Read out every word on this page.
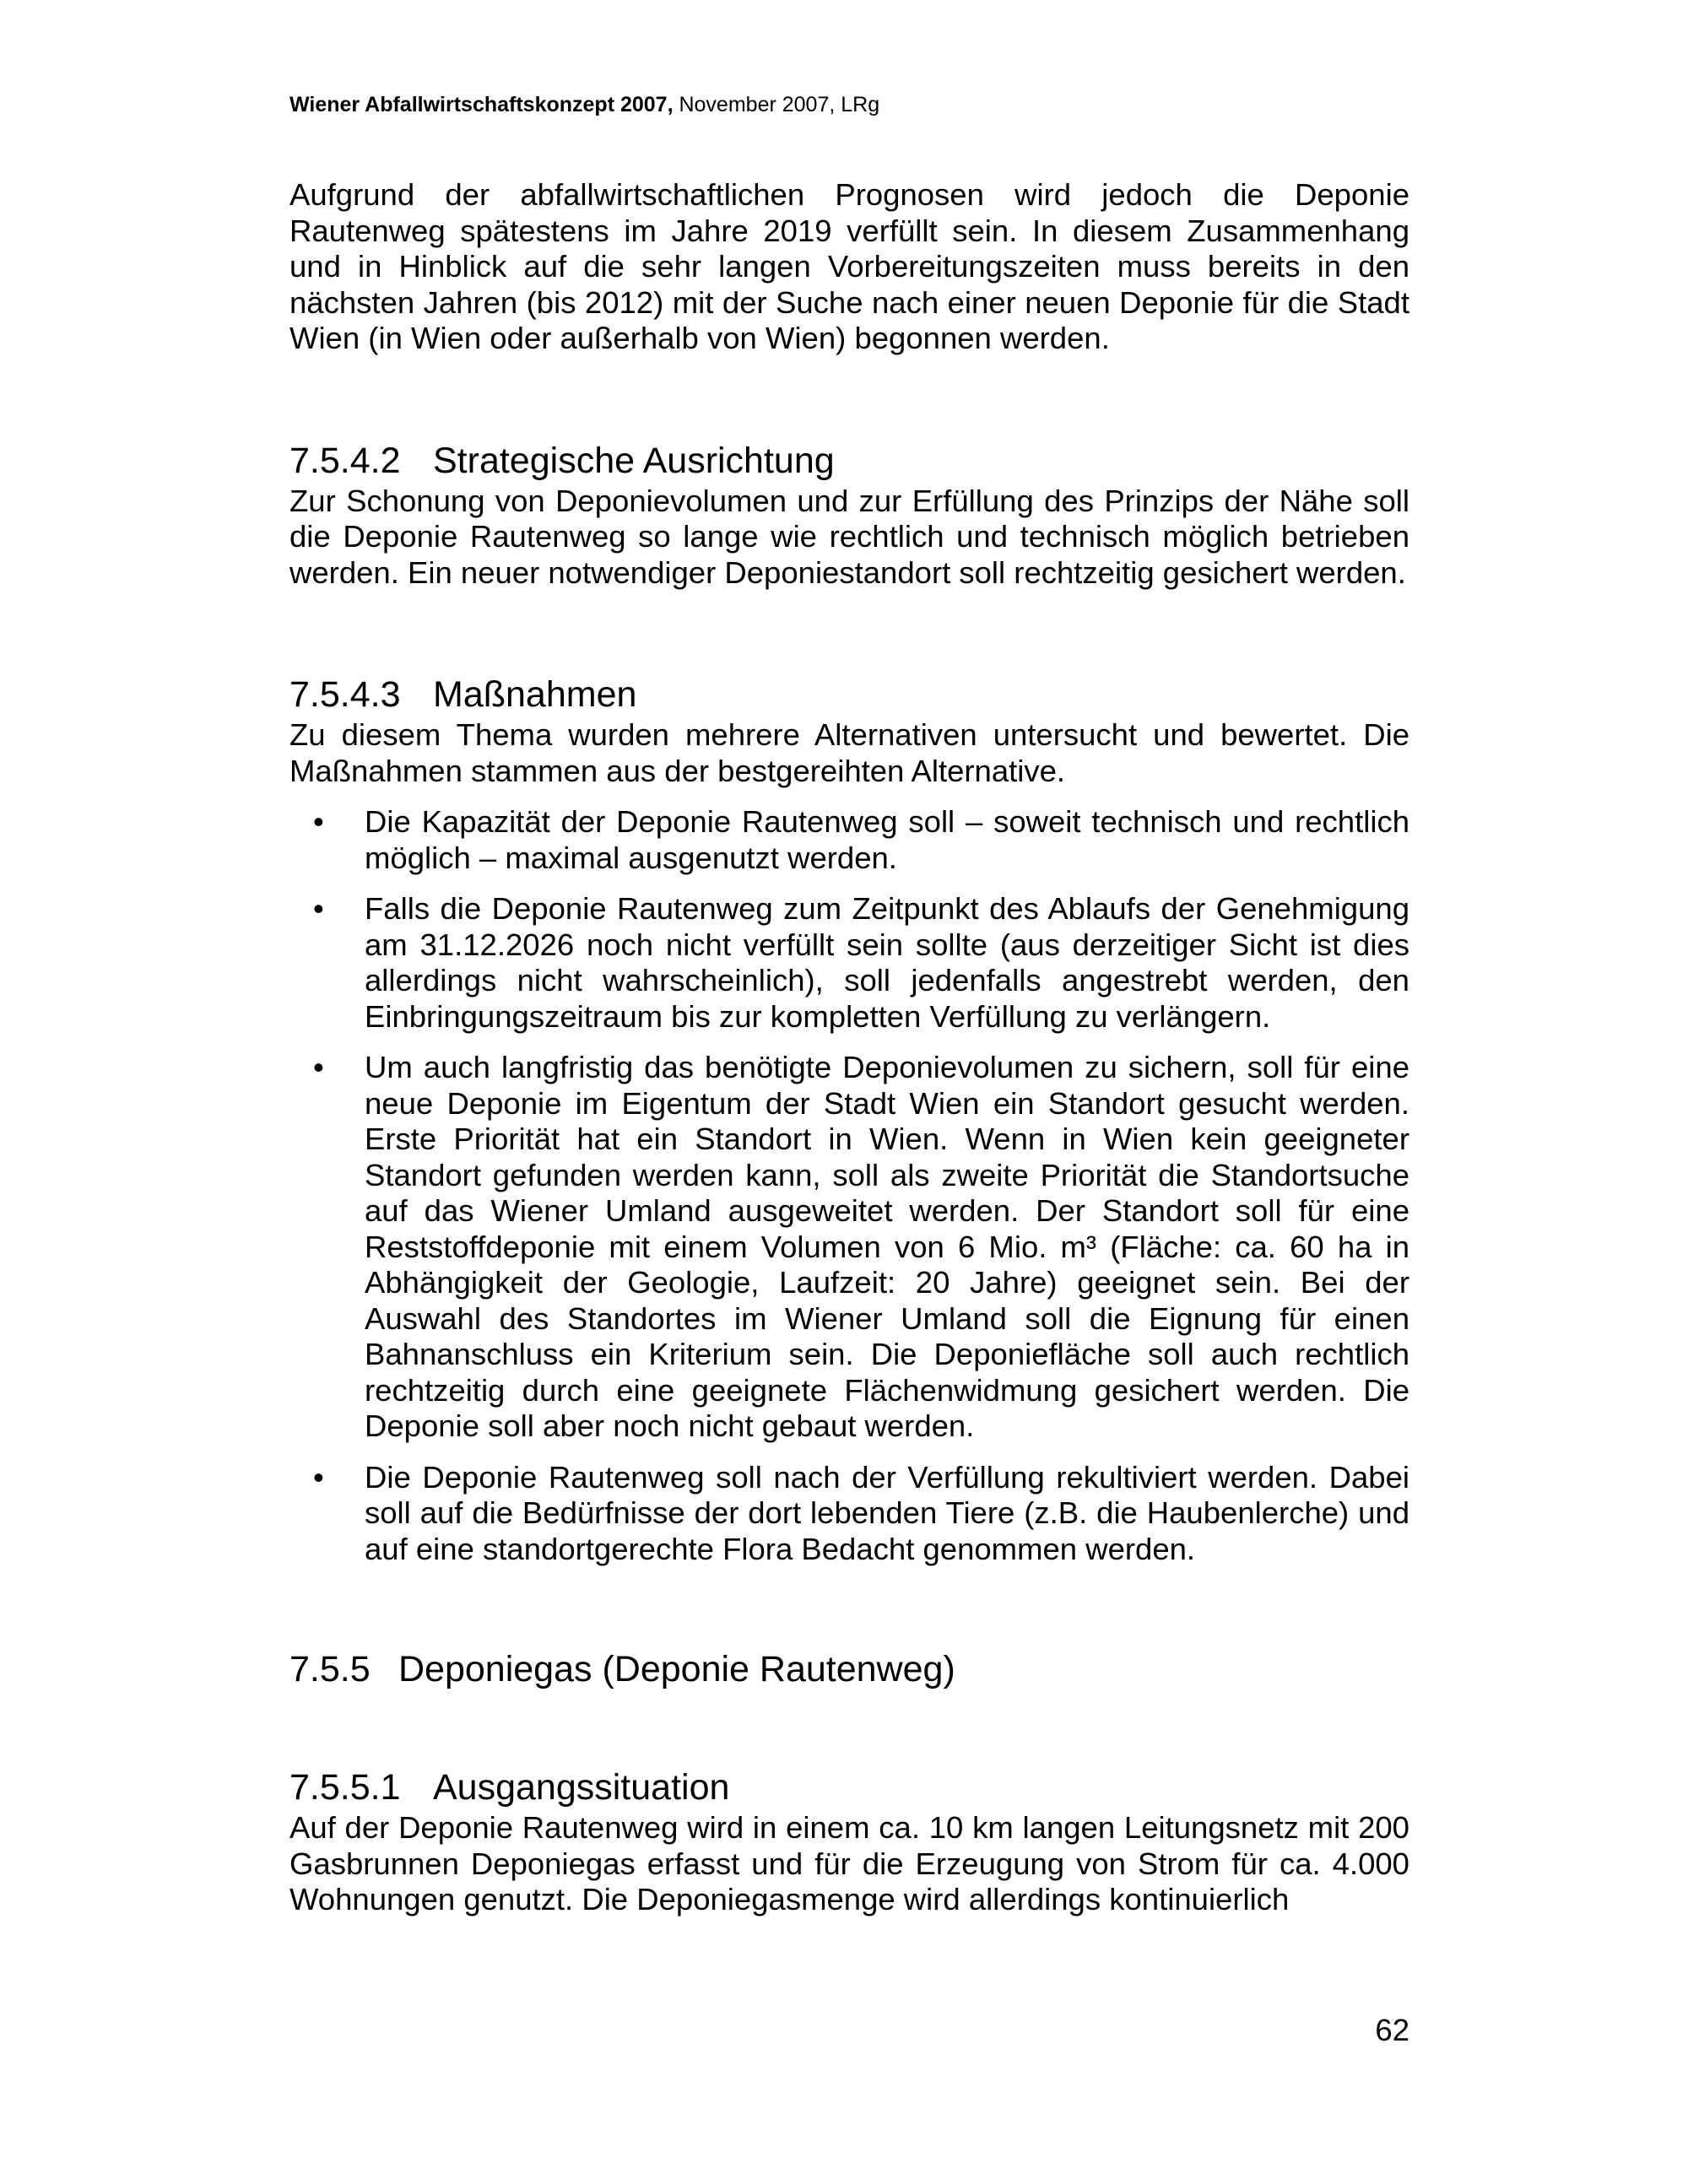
Wiener Abfallwirtschaftskonzept 2007, November 2007, LRg

Aufgrund der abfallwirtschaftlichen Prognosen wird jedoch die Deponie Rautenweg spätestens im Jahre 2019 verfüllt sein. In diesem Zusammenhang und in Hinblick auf die sehr langen Vorbereitungszeiten muss bereits in den nächsten Jahren (bis 2012) mit der Suche nach einer neuen Deponie für die Stadt Wien (in Wien oder außerhalb von Wien) begonnen werden.

7.5.4.2 Strategische Ausrichtung

Zur Schonung von Deponievolumen und zur Erfüllung des Prinzips der Nähe soll die Deponie Rautenweg so lange wie rechtlich und technisch möglich betrieben werden. Ein neuer notwendiger Deponiestandort soll rechtzeitig gesichert werden.

7.5.4.3 Maßnahmen

Zu diesem Thema wurden mehrere Alternativen untersucht und bewertet. Die Maßnahmen stammen aus der bestgereihten Alternative.

• Die Kapazität der Deponie Rautenweg soll – soweit technisch und rechtlich möglich – maximal ausgenutzt werden.
• Falls die Deponie Rautenweg zum Zeitpunkt des Ablaufs der Genehmigung am 31.12.2026 noch nicht verfüllt sein sollte (aus derzeitiger Sicht ist dies allerdings nicht wahrscheinlich), soll jedenfalls angestrebt werden, den Einbringungszeitraum bis zur kompletten Verfüllung zu verlängern.
• Um auch langfristig das benötigte Deponievolumen zu sichern, soll für eine neue Deponie im Eigentum der Stadt Wien ein Standort gesucht werden. Erste Priorität hat ein Standort in Wien. Wenn in Wien kein geeigneter Standort gefunden werden kann, soll als zweite Priorität die Standortsuche auf das Wiener Umland ausgeweitet werden. Der Standort soll für eine Reststoffdeponie mit einem Volumen von 6 Mio. m³ (Fläche: ca. 60 ha in Abhängigkeit der Geologie, Laufzeit: 20 Jahre) geeignet sein. Bei der Auswahl des Standortes im Wiener Umland soll die Eignung für einen Bahnanschluss ein Kriterium sein. Die Deponiefläche soll auch rechtlich rechtzeitig durch eine geeignete Flächenwidmung gesichert werden. Die Deponie soll aber noch nicht gebaut werden.
• Die Deponie Rautenweg soll nach der Verfüllung rekultiviert werden. Dabei soll auf die Bedürfnisse der dort lebenden Tiere (z.B. die Haubenlerche) und auf eine standortgerechte Flora Bedacht genommen werden.
7.5.5 Deponiegas (Deponie Rautenweg)
7.5.5.1 Ausgangssituation

Auf der Deponie Rautenweg wird in einem ca. 10 km langen Leitungsnetz mit 200 Gasbrunnen Deponiegas erfasst und für die Erzeugung von Strom für ca. 4.000 Wohnungen genutzt. Die Deponiegasmenge wird allerdings kontinuierlich

62
